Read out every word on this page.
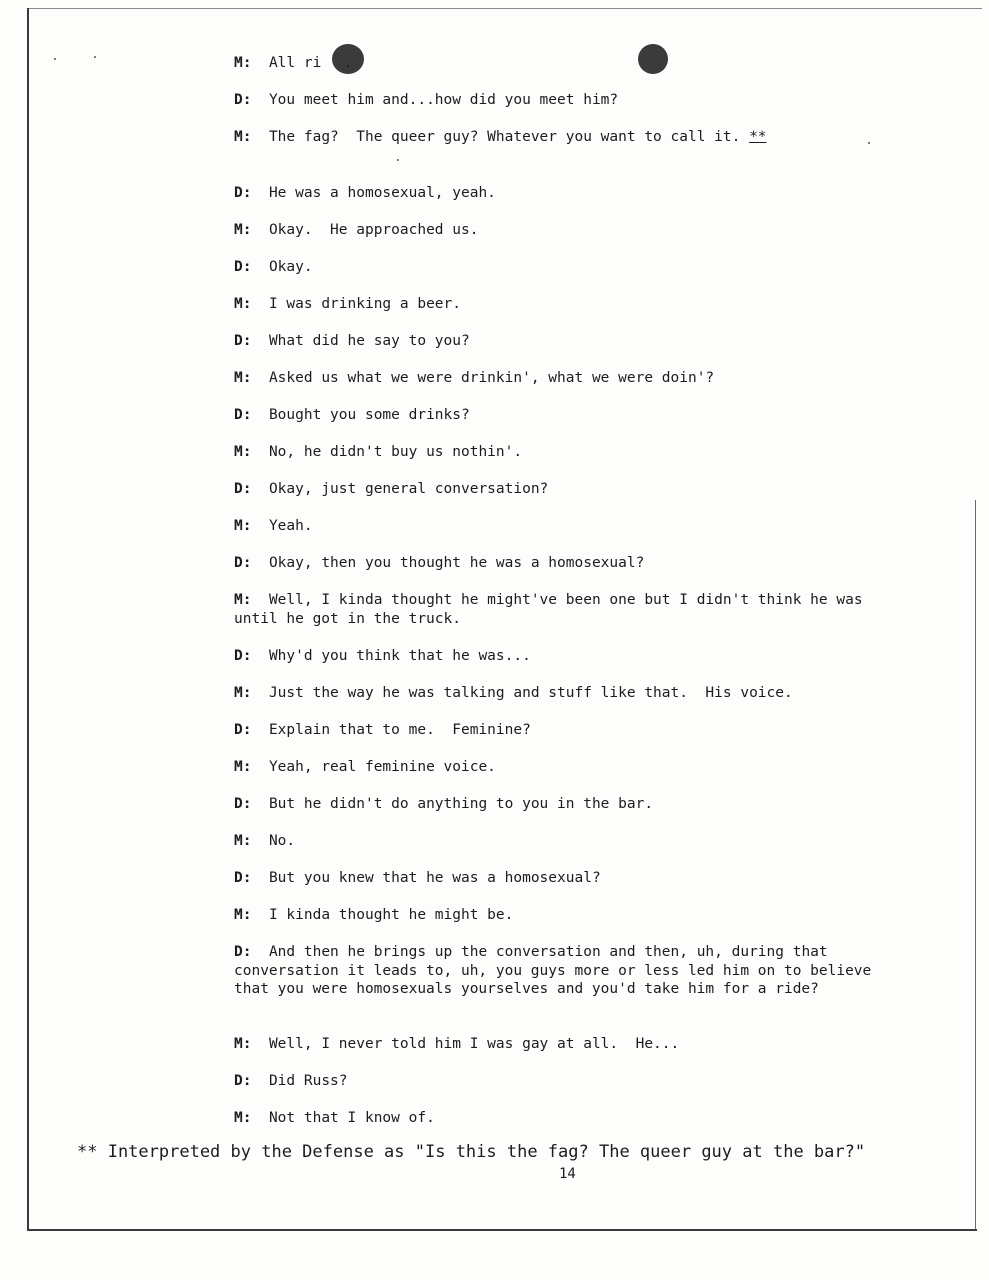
M: All ri .
D: You meet him and...how did you meet him?
M: The fag?  The queer guy? Whatever you want to call it. **
D: He was a homosexual, yeah.
M: Okay.  He approached us.
D: Okay.
M: I was drinking a beer.
D: What did he say to you?
M: Asked us what we were drinkin', what we were doin'?
D: Bought you some drinks?
M: No, he didn't buy us nothin'.
D: Okay, just general conversation?
M: Yeah.
D: Okay, then you thought he was a homosexual?
M: Well, I kinda thought he might've been one but I didn't think he was until he got in the truck.
D: Why'd you think that he was...
M: Just the way he was talking and stuff like that.  His voice.
D: Explain that to me.  Feminine?
M: Yeah, real feminine voice.
D: But he didn't do anything to you in the bar.
M: No.
D: But you knew that he was a homosexual?
M: I kinda thought he might be.
D: And then he brings up the conversation and then, uh, during that conversation it leads to, uh, you guys more or less led him on to believe that you were homosexuals yourselves and you'd take him for a ride?
M: Well, I never told him I was gay at all.  He...
D: Did Russ?
M: Not that I know of.
** Interpreted by the Defense as "Is this the fag? The queer guy at the bar?"
14
